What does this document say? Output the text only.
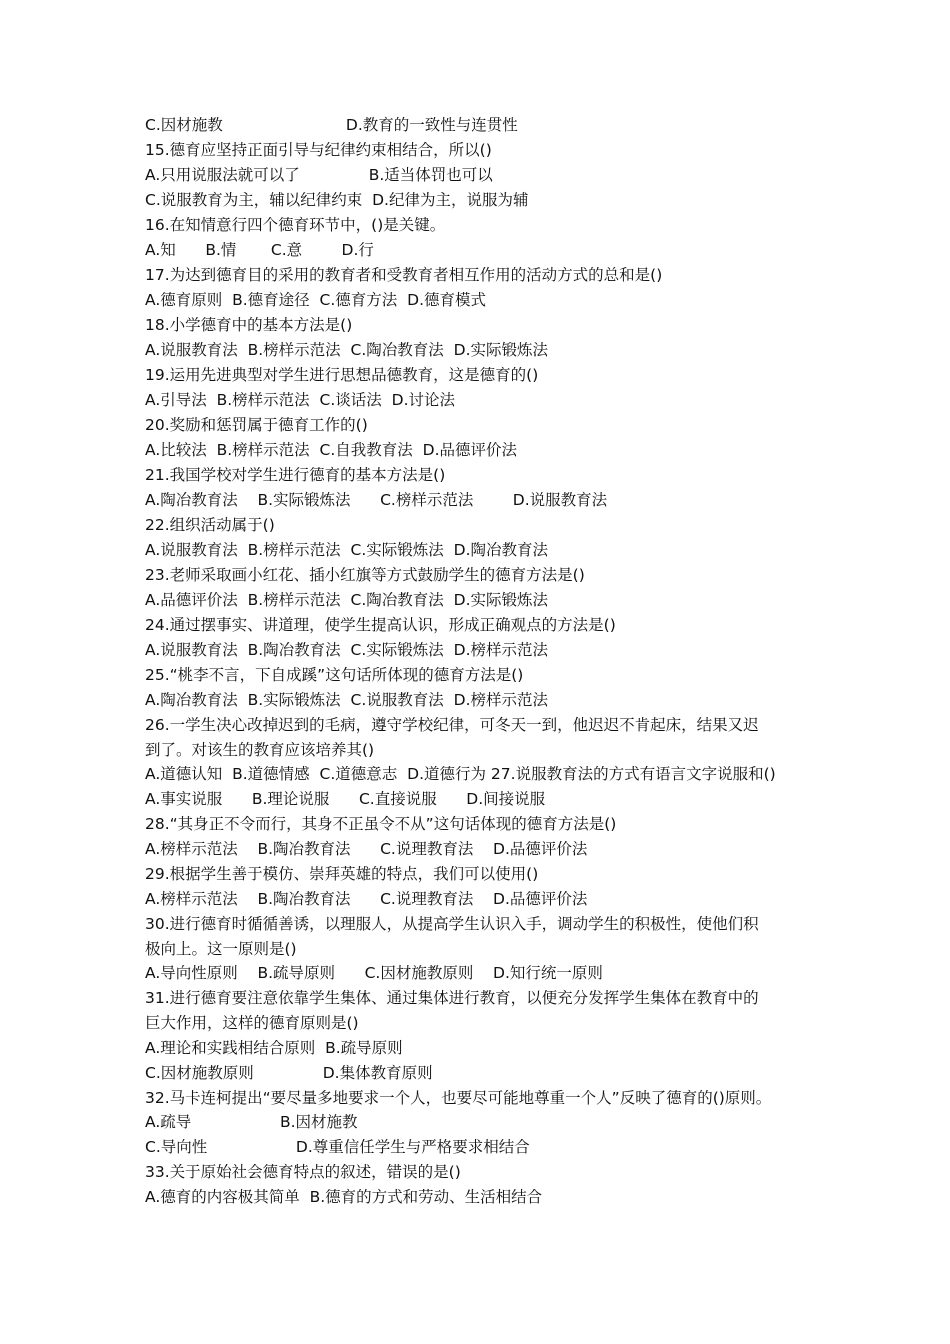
C.因材施教                         D.教育的一致性与连贯性
15.德育应坚持正面引导与纪律约束相结合，所以()
A.只用说服法就可以了              B.适当体罚也可以
C.说服教育为主，辅以纪律约束  D.纪律为主，说服为辅
16.在知情意行四个德育环节中，()是关键。
A.知      B.情       C.意        D.行
17.为达到德育目的采用的教育者和受教育者相互作用的活动方式的总和是()
A.德育原则  B.德育途径  C.德育方法  D.德育模式
18.小学德育中的基本方法是()
A.说服教育法  B.榜样示范法  C.陶冶教育法  D.实际锻炼法
19.运用先进典型对学生进行思想品德教育，这是德育的()
A.引导法  B.榜样示范法  C.谈话法  D.讨论法
20.奖励和惩罚属于德育工作的()
A.比较法  B.榜样示范法  C.自我教育法  D.品德评价法
21.我国学校对学生进行德育的基本方法是()
A.陶冶教育法    B.实际锻炼法      C.榜样示范法        D.说服教育法
22.组织活动属于()
A.说服教育法  B.榜样示范法  C.实际锻炼法  D.陶冶教育法
23.老师采取画小红花、插小红旗等方式鼓励学生的德育方法是()
A.品德评价法  B.榜样示范法  C.陶冶教育法  D.实际锻炼法
24.通过摆事实、讲道理，使学生提高认识，形成正确观点的方法是()
A.说服教育法  B.陶冶教育法  C.实际锻炼法  D.榜样示范法
25.“桃李不言，下自成蹊”这句话所体现的德育方法是()
A.陶冶教育法  B.实际锻炼法  C.说服教育法  D.榜样示范法
26.一学生决心改掉迟到的毛病，遵守学校纪律，可冬天一到，他迟迟不肯起床，结果又迟
到了。对该生的教育应该培养其()
A.道德认知  B.道德情感  C.道德意志  D.道德行为 27.说服教育法的方式有语言文字说服和()
A.事实说服      B.理论说服      C.直接说服      D.间接说服
28.“其身正不令而行，其身不正虽令不从”这句话体现的德育方法是()
A.榜样示范法    B.陶冶教育法      C.说理教育法    D.品德评价法
29.根据学生善于模仿、崇拜英雄的特点，我们可以使用()
A.榜样示范法    B.陶冶教育法      C.说理教育法    D.品德评价法
30.进行德育时循循善诱，以理服人，从提高学生认识入手，调动学生的积极性，使他们积
极向上。这一原则是()
A.导向性原则    B.疏导原则      C.因材施教原则    D.知行统一原则
31.进行德育要注意依靠学生集体、通过集体进行教育，以便充分发挥学生集体在教育中的
巨大作用，这样的德育原则是()
A.理论和实践相结合原则  B.疏导原则
C.因材施教原则              D.集体教育原则
32.马卡连柯提出“要尽量多地要求一个人，也要尽可能地尊重一个人”反映了德育的()原则。
A.疏导                  B.因材施教
C.导向性                  D.尊重信任学生与严格要求相结合
33.关于原始社会德育特点的叙述，错误的是()
A.德育的内容极其简单  B.德育的方式和劳动、生活相结合
